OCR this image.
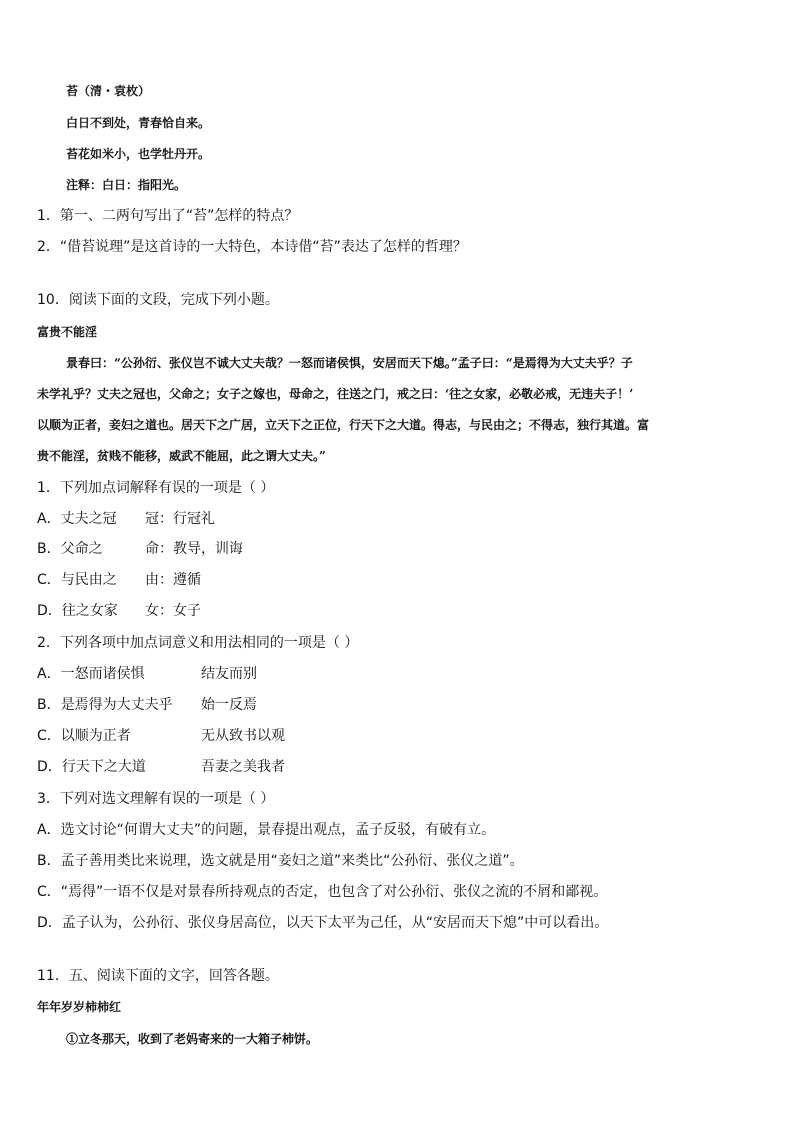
苔（清・袁枚）
白日不到处，青春恰自来。
苔花如米小，也学牡丹开。
注释：白日：指阳光。
1．第一、二两句写出了“苔”怎样的特点？
2．“借苔说理”是这首诗的一大特色，本诗借“苔”表达了怎样的哲理？
10．阅读下面的文段，完成下列小题。
富贵不能淫
景春曰：“公孙衍、张仪岂不诚大丈夫哉？一怒而诸侯惧，安居而天下熄。”孟子曰：“是焉得为大丈夫乎？子
未学礼乎？丈夫之冠也，父命之；女子之嫁也，母命之，往送之门，戒之曰：‘往之女家，必敬必戒，无违夫子！’
以顺为正者，妾妇之道也。居天下之广居，立天下之正位，行天下之大道。得志，与民由之；不得志，独行其道。富
贵不能淫，贫贱不能移，威武不能屈，此之谓大丈夫。”
1．下列加点词解释有误的一项是（ ）
A．丈夫之冠 冠：行冠礼
B．父命之	命：教导，训诲
C．与民由之 由：遵循
D．往之女家 女：女子
2．下列各项中加点词意义和用法相同的一项是（ ）
A．一怒而诸侯惧	结友而别
B．是焉得为大丈夫乎 始一反焉
C．以顺为正者	无从致书以观
D．行天下之大道	吾妻之美我者
3．下列对选文理解有误的一项是（ ）
A．选文讨论“何谓大丈夫”的问题，景春提出观点，孟子反驳，有破有立。
B．孟子善用类比来说理，选文就是用“妾妇之道”来类比“公孙衍、张仪之道”。
C．“焉得”一语不仅是对景春所持观点的否定，也包含了对公孙衍、张仪之流的不屑和鄙视。
D．孟子认为，公孙衍、张仪身居高位，以天下太平为己任，从“安居而天下熄”中可以看出。
11．五、阅读下面的文字，回答各题。
年年岁岁柿柿红
①立冬那天，收到了老妈寄来的一大箱子柿饼。
